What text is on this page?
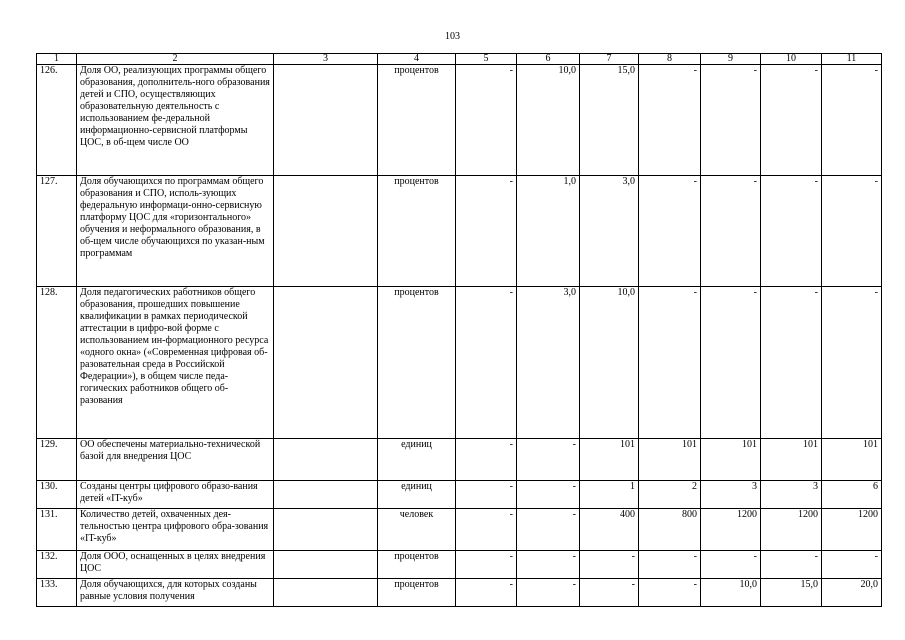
103
1	2	3	4	5	6	7	8	9	10	11
126.	Доля ОО, реализующих программы общего образования, дополнитель-ного образования детей и СПО, осуществляющих образовательную деятельность с использованием фе-деральной информационно-сервисной платформы ЦОС, в об-щем числе ОО		процентов	-	10,0	15,0	-	-	-	-
127.	Доля обучающихся по программам общего образования и СПО, исполь-зующих федеральную информаци-онно-сервисную платформу ЦОС для «горизонтального» обучения и неформального образования, в об-щем числе обучающихся по указан-ным программам		процентов	-	1,0	3,0	-	-	-	-
128.	Доля педагогических работников общего образования, прошедших повышение квалификации в рамках периодической аттестации в цифро-вой форме с использованием ин-формационного ресурса «одного окна» («Современная цифровая об-разовательная среда в Российской Федерации»), в общем числе педа-гогических работников общего об-разования		процентов	-	3,0	10,0	-	-	-	-
129.	ОО обеспечены материально-технической базой для внедрения ЦОС		единиц	-	-	101	101	101	101	101
130.	Созданы центры цифрового образо-вания детей «IT-куб»		единиц	-	-	1	2	3	3	6
131.	Количество детей, охваченных дея-тельностью центра цифрового обра-зования «IT-куб»		человек	-	-	400	800	1200	1200	1200
132.	Доля ООО, оснащенных в целях внедрения ЦОС		процентов	-	-	-	-	-	-	-
133.	Доля обучающихся, для которых созданы равные условия получения		процентов	-	-	-	-	10,0	15,0	20,0
